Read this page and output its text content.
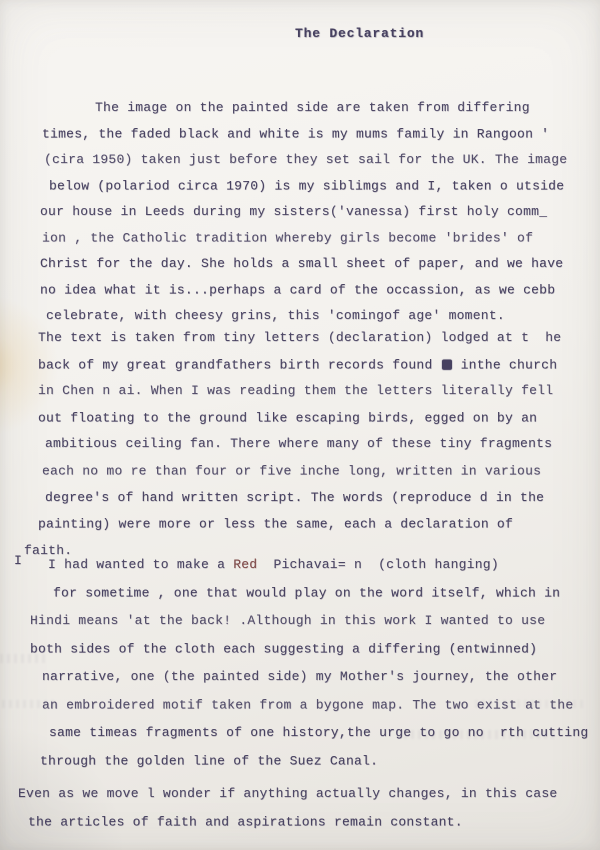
The Declaration
The image on the painted side are taken from differing
times, the faded black and white is my mums family in Rangoon '
(cira 1950) taken just before they set sail for the UK. The image
below (polariod circa 1970) is my siblimgs and I, taken o utside
our house in Leeds during my sisters('vanessa) first holy comm_
ion , the Catholic tradition whereby girls become 'brides' of
Christ for the day. She holds a small sheet of paper, and we have
no idea what it is...perhaps a card of the occassion, as we cebb
celebrate, with cheesy grins, this 'comingof age' moment.
The text is taken from tiny letters (declaration) lodged at t  he
back of my great grandfathers birth records found  inthe church
in Chen n ai. When I was reading them the letters literally fell
out floating to the ground like escaping birds, egged on by an
ambitious ceiling fan. There where many of these tiny fragments
each no mo re than four or five inche long, written in various
degree's of hand written script. The words (reproduce d in the
painting) were more or less the same, each a declaration of
faith.
I I had wanted to make a Red  Pichavai= n  (cloth hanging)
for sometime , one that would play on the word itself, which in
Hindi means 'at the back! .Although in this work I wanted to use
both sides of the cloth each suggesting a differing (entwinned)
narrative, one (the painted side) my Mother's journey, the other
an embroidered motif taken from a bygone map. The two exist at the
same timeas fragments of one history,the urge to go no  rth cutting
through the golden line of the Suez Canal.
Even as we move l wonder if anything actually changes, in this case
the articles of faith and aspirations remain constant.
